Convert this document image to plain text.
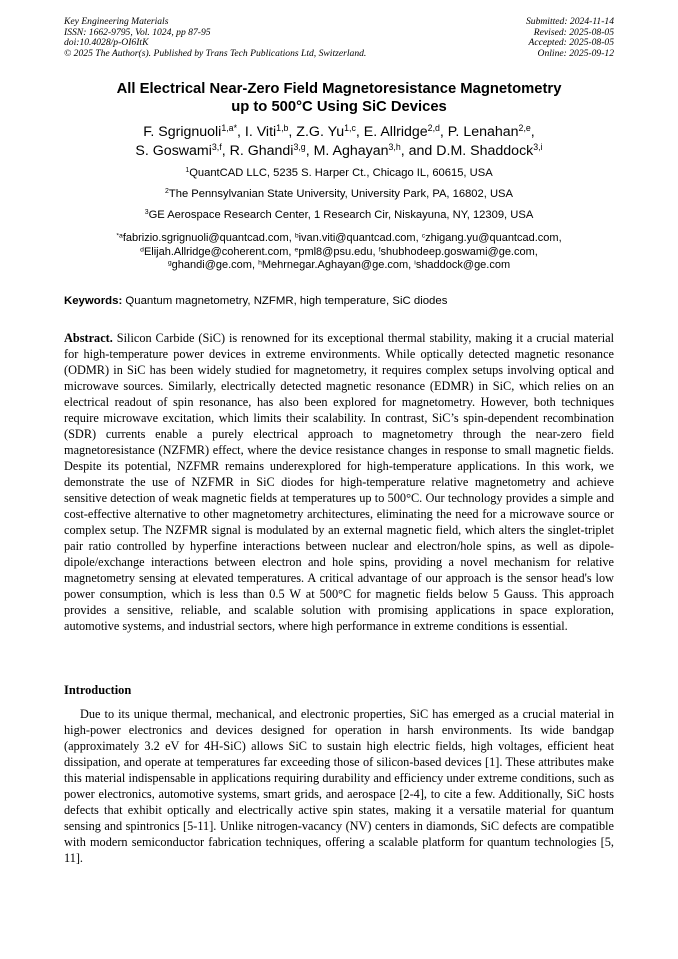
Key Engineering Materials
ISSN: 1662-9795, Vol. 1024, pp 87-95
doi:10.4028/p-OI6ItK
© 2025 The Author(s). Published by Trans Tech Publications Ltd, Switzerland.
Submitted: 2024-11-14
Revised: 2025-08-05
Accepted: 2025-08-05
Online: 2025-09-12
All Electrical Near-Zero Field Magnetoresistance Magnetometry
up to 500°C Using SiC Devices
F. Sgrignuoli$^{1,a*}$, I. Viti$^{1,b}$, Z.G. Yu$^{1,c}$, E. Allridge$^{2,d}$, P. Lenahan$^{2,e}$,
S. Goswami$^{3,f}$, R. Ghandi$^{3,g}$, M. Aghayan$^{3,h}$, and D.M. Shaddock$^{3,i}$
$^1$QuantCAD LLC, 5235 S. Harper Ct., Chicago IL, 60615, USA
$^2$The Pennsylvanian State University, University Park, PA, 16802, USA
$^3$GE Aerospace Research Center, 1 Research Cir, Niskayuna, NY, 12309, USA
$^{*a}$fabrizio.sgrignuoli@quantcad.com, $^b$ivan.viti@quantcad.com, $^c$zhigang.yu@quantcad.com,
$^d$Elijah.Allridge@coherent.com, $^e$pml8@psu.edu, $^f$shubhodeep.goswami@ge.com,
$^g$ghandi@ge.com, $^h$Mehrnegar.Aghayan@ge.com, $^i$shaddock@ge.com
Keywords: Quantum magnetometry, NZFMR, high temperature, SiC diodes

Abstract. Silicon Carbide (SiC) is renowned for its exceptional thermal stability, making it a crucial material for high-temperature power devices in extreme environments. While optically detected magnetic resonance (ODMR) in SiC has been widely studied for magnetometry, it requires complex setups involving optical and microwave sources. Similarly, electrically detected magnetic resonance (EDMR) in SiC, which relies on an electrical readout of spin resonance, has also been explored for magnetometry. However, both techniques require microwave excitation, which limits their scalability. In contrast, SiC’s spin-dependent recombination (SDR) currents enable a purely electrical approach to magnetometry through the near-zero field magnetoresistance (NZFMR) effect, where the device resistance changes in response to small magnetic fields. Despite its potential, NZFMR remains underexplored for high-temperature applications. In this work, we demonstrate the use of NZFMR in SiC diodes for high-temperature relative magnetometry and achieve sensitive detection of weak magnetic fields at temperatures up to 500°C. Our technology provides a simple and cost-effective alternative to other magnetometry architectures, eliminating the need for a microwave source or complex setup. The NZFMR signal is modulated by an external magnetic field, which alters the singlet-triplet pair ratio controlled by hyperfine interactions between nuclear and electron/hole spins, as well as dipole-dipole/exchange interactions between electron and hole spins, providing a novel mechanism for relative magnetometry sensing at elevated temperatures. A critical advantage of our approach is the sensor head's low power consumption, which is less than 0.5 W at 500°C for magnetic fields below 5 Gauss. This approach provides a sensitive, reliable, and scalable solution with promising applications in space exploration, automotive systems, and industrial sectors, where high performance in extreme conditions is essential.

Introduction

Due to its unique thermal, mechanical, and electronic properties, SiC has emerged as a crucial material in high-power electronics and devices designed for operation in harsh environments. Its wide bandgap (approximately 3.2 eV for 4H-SiC) allows SiC to sustain high electric fields, high voltages, efficient heat dissipation, and operate at temperatures far exceeding those of silicon-based devices [1]. These attributes make this material indispensable in applications requiring durability and efficiency under extreme conditions, such as power electronics, automotive systems, smart grids, and aerospace [2-4], to cite a few. Additionally, SiC hosts defects that exhibit optically and electrically active spin states, making it a versatile material for quantum sensing and spintronics [5-11]. Unlike nitrogen-vacancy (NV) centers in diamonds, SiC defects are compatible with modern semiconductor fabrication techniques, offering a scalable platform for quantum technologies [5, 11].
